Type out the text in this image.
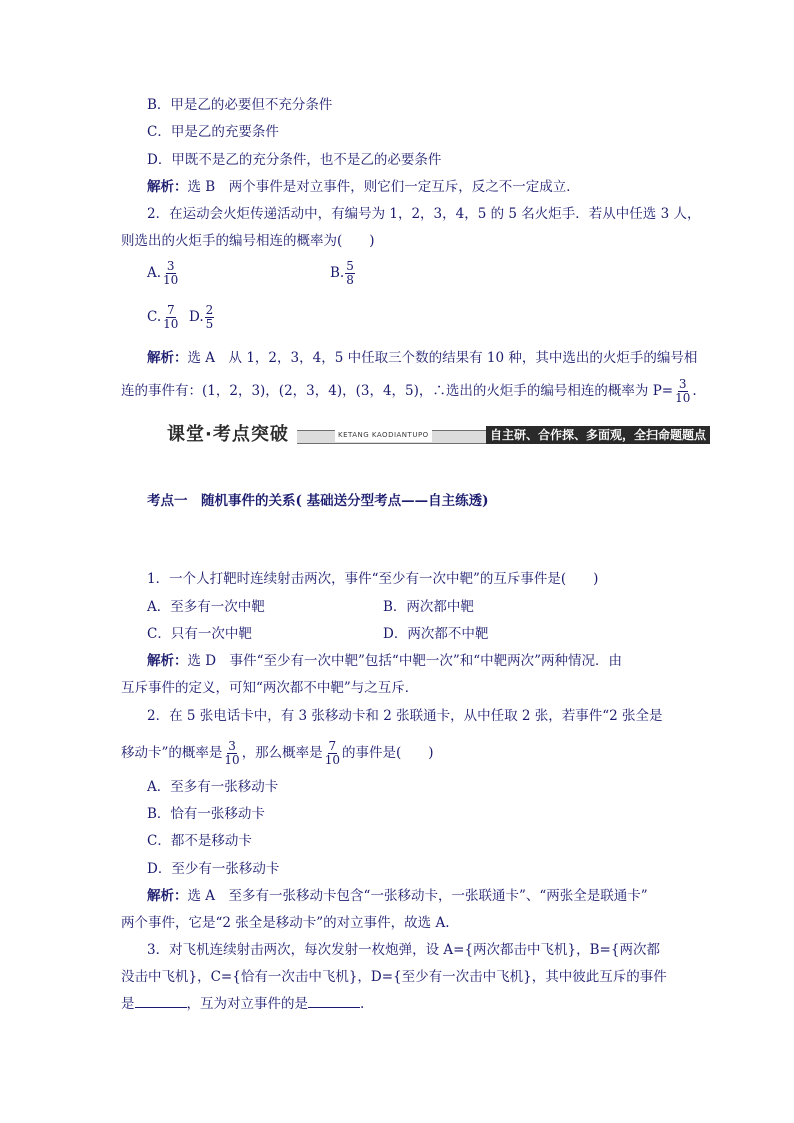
B．甲是乙的必要但不充分条件
C．甲是乙的充要条件
D．甲既不是乙的充分条件，也不是乙的必要条件
解析：选 B　两个事件是对立事件，则它们一定互斥，反之不一定成立．
2．在运动会火炬传递活动中，有编号为 1，2，3，4，5 的 5 名火炬手．若从中任选 3 人，
则选出的火炬手的编号相连的概率为(　　)
A. $\frac{3}{10}$	B. $\frac{5}{8}$
C. $\frac{7}{10} D$. $\frac{2}{5}$
解析：选 A　从 1，2，3，4，5 中任取三个数的结果有 10 种，其中选出的火炬手的编号相
连的事件有：(1，2，3)，(2，3，4)，(3，4，5)，∴选出的火炬手的编号相连的概率为 $P= \frac{3}{10}$ .
课堂·考点突破	KETANG KAODIANTUPO	自主研、合作探、多面观，全扫命题题点
考点一　随机事件的关系( 基础送分型考点——自主练透)
1．一个人打靶时连续射击两次，事件“至少有一次中靶”的互斥事件是(　　)
A．至多有一次中靶	B．两次都中靶
C．只有一次中靶	D．两次都不中靶
解析：选 D　事件“至少有一次中靶”包括“中靶一次”和“中靶两次”两种情况．由
互斥事件的定义，可知“两次都不中靶”与之互斥．
2．在 5 张电话卡中，有 3 张移动卡和 2 张联通卡，从中任取 2 张，若事件“2 张全是
移动卡”的概率是 $\frac{3}{10}$ ，那么概率是 $\frac{7}{10}$ 的事件是(　　)
A．至多有一张移动卡
B．恰有一张移动卡
C．都不是移动卡
D．至少有一张移动卡
解析：选 A　至多有一张移动卡包含“一张移动卡，一张联通卡”、“两张全是联通卡”
两个事件，它是“2 张全是移动卡”的对立事件，故选 A.
3．对飞机连续射击两次，每次发射一枚炮弹，设 A={两次都击中飞机}，B={两次都
没击中飞机}，C={恰有一次击中飞机}，D={至少有一次击中飞机}，其中彼此互斥的事件
是	，互为对立事件的是	.
